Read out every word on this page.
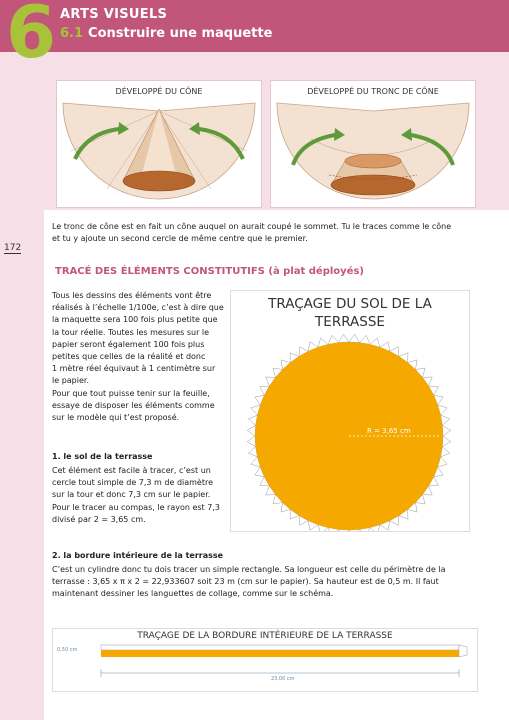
6 ARTS VISUELS
6.1 Construire une maquette
172
DÉVELOPPÉ DU CÔNE	DÉVELOPPÉ DU TRONC DE CÔNE
Le tronc de cône est en fait un cône auquel on aurait coupé le sommet. Tu le traces comme le cône
et tu y ajoute un second cercle de même centre que le premier.
TRACÉ DES ÉLÉMENTS CONSTITUTIFS (à plat déployés)
Tous les dessins des éléments vont être
réalisés à l’échelle 1/100e, c’est à dire que
la maquette sera 100 fois plus petite que
la tour réelle. Toutes les mesures sur le
papier seront également 100 fois plus
petites que celles de la réalité et donc
1 mètre réel équivaut à 1 centimètre sur
le papier.
Pour que tout puisse tenir sur la feuille,
essaye de disposer les éléments comme
sur le modèle qui t’est proposé.
1. le sol de la terrasse
Cet élément est facile à tracer, c’est un
cercle tout simple de 7,3 m de diamètre
sur la tour et donc 7,3 cm sur le papier.
Pour le tracer au compas, le rayon est 7,3
divisé par 2 = 3,65 cm.
TRAÇAGE DU SOL DE LA
TERRASSE
R = 3,65 cm
2. la bordure intérieure de la terrasse
C’est un cylindre donc tu dois tracer un simple rectangle. Sa longueur est celle du périmètre de la
terrasse : 3,65 x π x 2 = 22,933607 soit 23 m (cm sur le papier). Sa hauteur est de 0,5 m. Il faut
maintenant dessiner les languettes de collage, comme sur le schéma.
TRAÇAGE DE LA BORDURE INTÉRIEURE DE LA TERRASSE
0,50 cm
23,00 cm
